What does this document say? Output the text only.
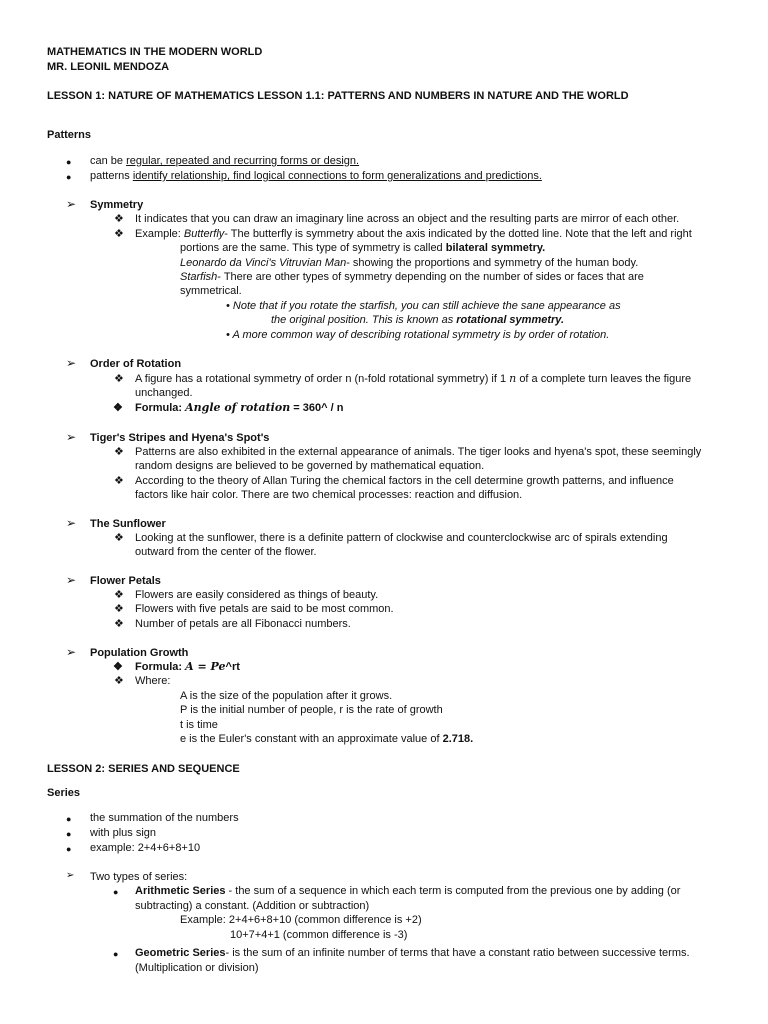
MATHEMATICS IN THE MODERN WORLD
MR. LEONIL MENDOZA
LESSON 1: NATURE OF MATHEMATICS LESSON 1.1: PATTERNS AND NUMBERS IN NATURE AND THE WORLD
Patterns
● can be regular, repeated and recurring forms or design.
● patterns identify relationship, find logical connections to form generalizations and predictions.
➢ Symmetry
❖ It indicates that you can draw an imaginary line across an object and the resulting parts are mirror of each other.
❖ Example: Butterfly- The butterfly is symmetry about the axis indicated by the dotted line. Note that the left and right
portions are the same. This type of symmetry is called bilateral symmetry.
Leonardo da Vinci's Vitruvian Man- showing the proportions and symmetry of the human body.
Starfish- There are other types of symmetry depending on the number of sides or faces that are
symmetrical.
• Note that if you rotate the starfish, you can still achieve the sane appearance as
the original position. This is known as rotational symmetry.
• A more common way of describing rotational symmetry is by order of rotation.
➢ Order of Rotation
❖ A figure has a rotational symmetry of order n (n-fold rotational symmetry) if 1 n of a complete turn leaves the figure
unchanged.
❖ Formula: Angle of rotation = 360^ / n
➢ Tiger's Stripes and Hyena's Spot's
❖ Patterns are also exhibited in the external appearance of animals. The tiger looks and hyena's spot, these seemingly
random designs are believed to be governed by mathematical equation.
❖ According to the theory of Allan Turing the chemical factors in the cell determine growth patterns, and influence
factors like hair color. There are two chemical processes: reaction and diffusion.
➢ The Sunflower
❖ Looking at the sunflower, there is a definite pattern of clockwise and counterclockwise arc of spirals extending
outward from the center of the flower.
➢ Flower Petals
❖ Flowers are easily considered as things of beauty.
❖ Flowers with five petals are said to be most common.
❖ Number of petals are all Fibonacci numbers.
➢ Population Growth
❖ Formula: A = Pe^rt
❖ Where:
A is the size of the population after it grows.
P is the initial number of people, r is the rate of growth
t is time
e is the Euler's constant with an approximate value of 2.718.
LESSON 2: SERIES AND SEQUENCE
Series
● the summation of the numbers
● with plus sign
● example: 2+4+6+8+10
➢ Two types of series:
● Arithmetic Series - the sum of a sequence in which each term is computed from the previous one by adding (or
subtracting) a constant. (Addition or subtraction)
Example: 2+4+6+8+10 (common difference is +2)
10+7+4+1 (common difference is -3)
● Geometric Series- is the sum of an infinite number of terms that have a constant ratio between successive terms.
(Multiplication or division)
